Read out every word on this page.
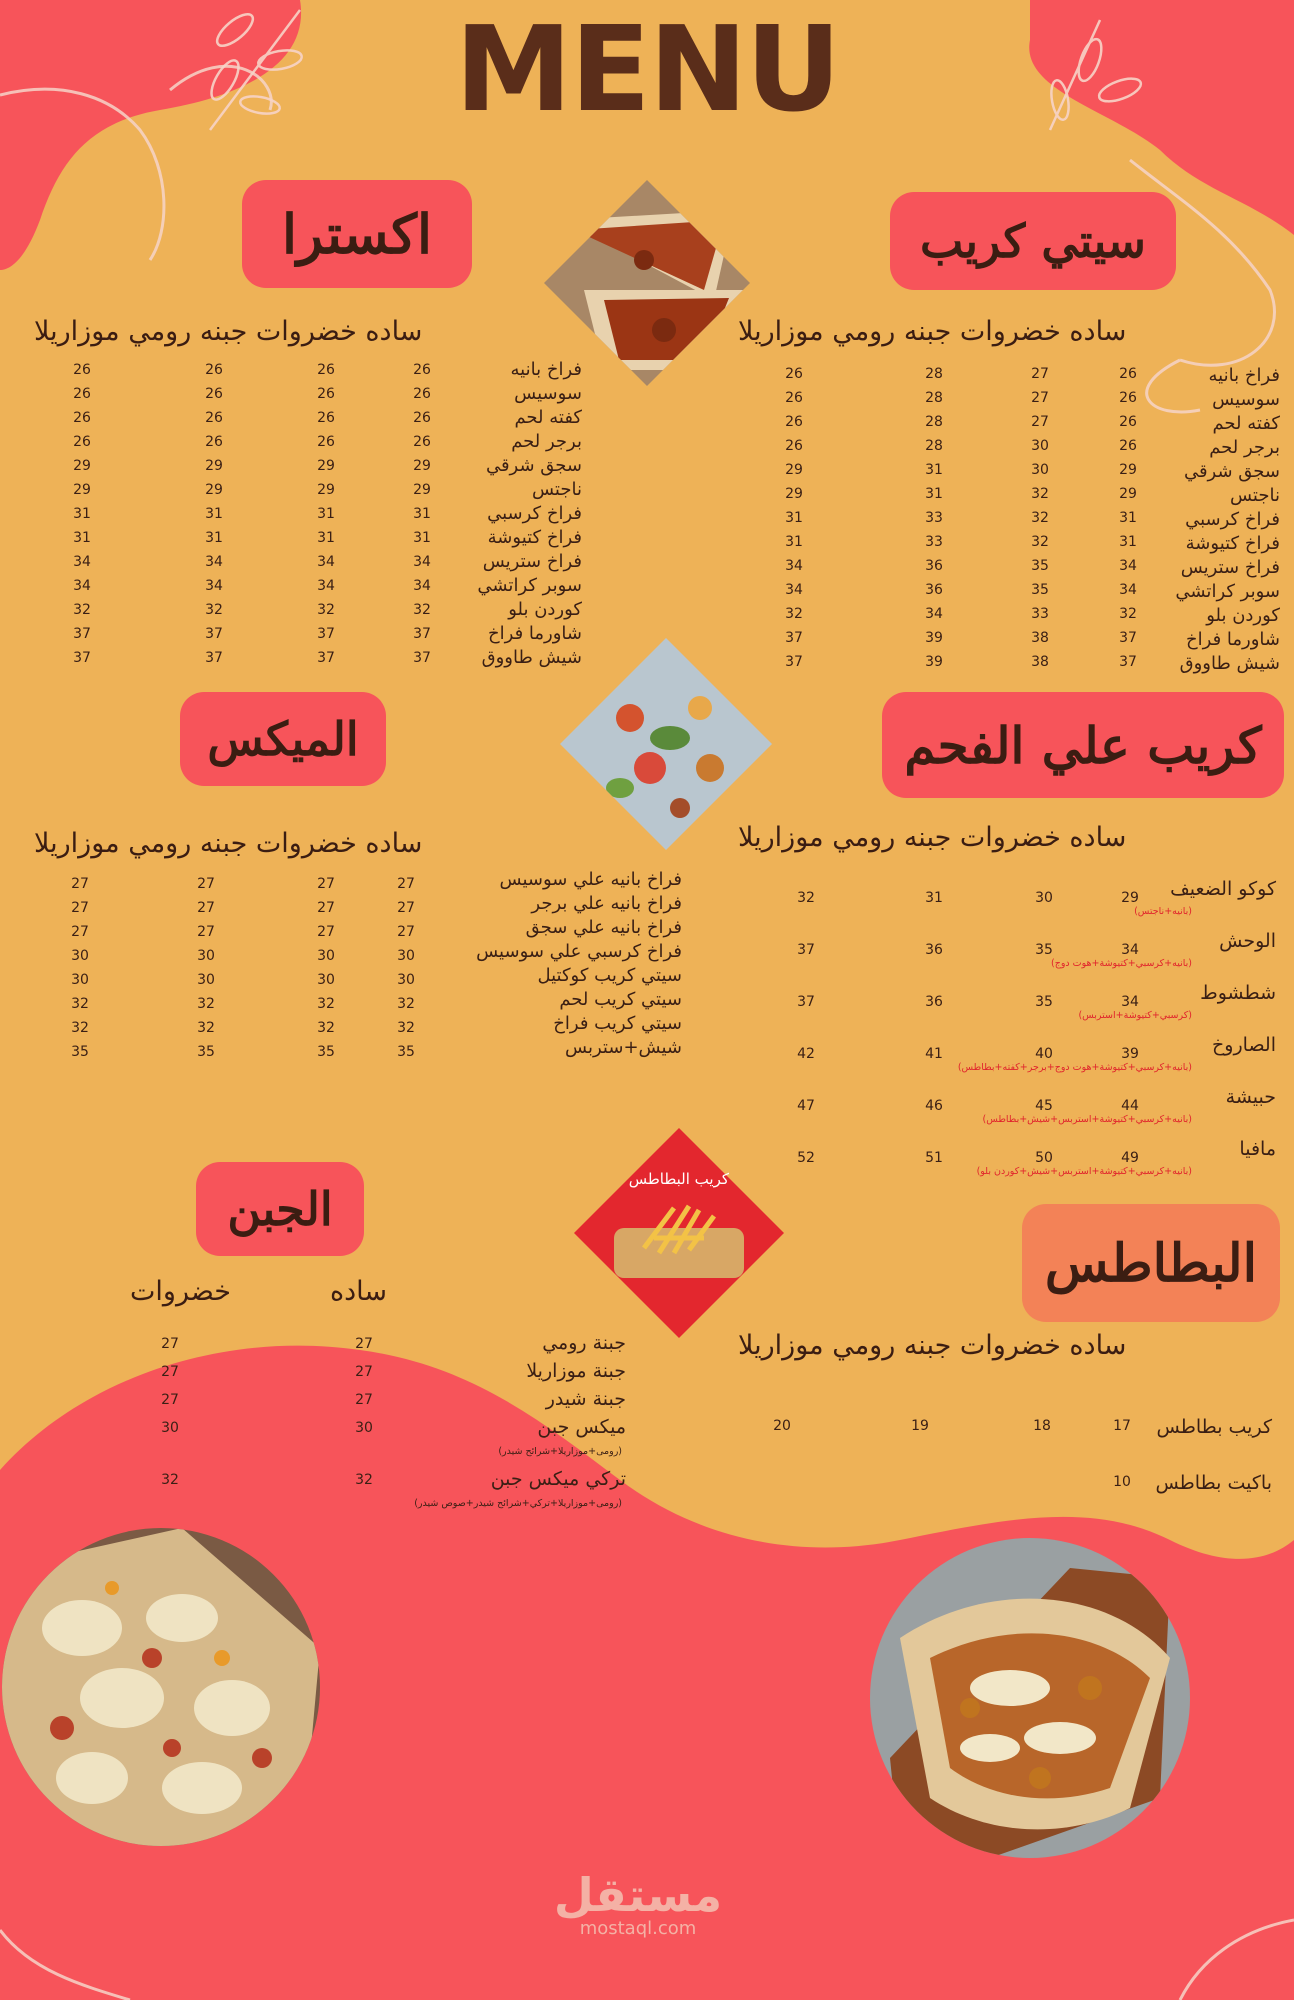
MENU
سيتي كريب
ساده خضروات جبنه رومي موزاريلا
فراخ بانيه
سوسيس
كفته لحم
برجر لحم
سجق شرقي
ناجتس
فراخ كرسبي
فراخ كتيوشة
فراخ ستريس
سوبر كراتشي
كوردن بلو
شاورما فراخ
شيش طاووق
26
26
26
26
29
29
31
31
34
34
32
37
37
27
27
27
30
30
32
32
32
35
35
33
38
38
28
28
28
28
31
31
33
33
36
36
34
39
39
26
26
26
26
29
29
31
31
34
34
32
37
37
اكسترا
ساده خضروات جبنه رومي موزاريلا
فراخ بانيه
سوسيس
كفته لحم
برجر لحم
سجق شرقي
ناجتس
فراخ كرسبي
فراخ كتيوشة
فراخ ستريس
سوبر كراتشي
كوردن بلو
شاورما فراخ
شيش طاووق
26
26
26
26
29
29
31
31
34
34
32
37
37
26
26
26
26
29
29
31
31
34
34
32
37
37
26
26
26
26
29
29
31
31
34
34
32
37
37
26
26
26
26
29
29
31
31
34
34
32
37
37
كريب علي الفحم
ساده خضروات جبنه رومي موزاريلا
كوكو الضعيف
(بانيه+ناجتس)
29
30
31
32
الوحش
(بانيه+كرسبي+كتيوشة+هوت دوج)
34
35
36
37
شطشوط
(كرسبي+كتيوشة+استربس)
34
35
36
37
الصاروخ
(بانيه+كرسبي+كتيوشة+هوت دوج+برجر+كفته+بطاطس)
39
40
41
42
حبيشة
(بانيه+كرسبي+كتيوشة+استربس+شيش+بطاطس)
44
45
46
47
مافيا
(بانيه+كرسبي+كتيوشة+استربس+شيش+كوردن بلو)
49
50
51
52
الميكس
ساده خضروات جبنه رومي موزاريلا
فراخ بانيه علي سوسيس
فراخ بانيه علي برجر
فراخ بانيه علي سجق
فراخ كرسبي علي سوسيس
سيتي كريب كوكتيل
سيتي كريب لحم
سيتي كريب فراخ
شيش+ستربس
27
27
27
30
30
32
32
35
27
27
27
30
30
32
32
35
27
27
27
30
30
32
32
35
27
27
27
30
30
32
32
35
الجبن
ساده
خضروات
جبنة رومي
27
27
جبنة موزاريلا
27
27
جبنة شيدر
27
27
ميكس جبن
(رومى+موزاريلا+شرائح شيدر)
30
30
تركي ميكس جبن
(رومى+موزاريلا+تركي+شرائح شيدر+صوص شيدر)
32
32
البطاطس
ساده خضروات جبنه رومي موزاريلا
كريب بطاطس
17
18
19
20
باكيت بطاطس
10
كريب البطاطس
مستقل
mostaql.com
